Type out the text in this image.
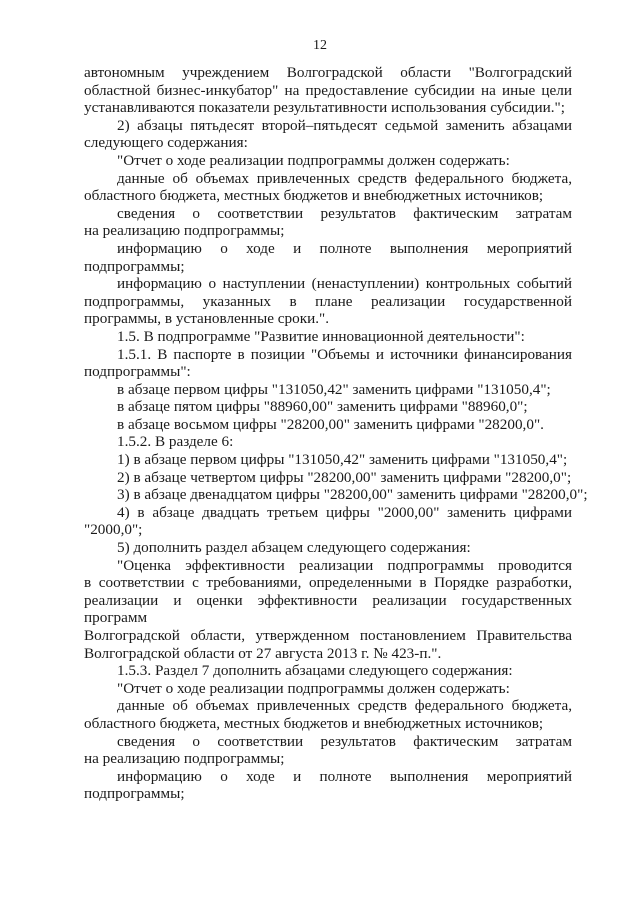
12
автономным учреждением Волгоградской области "Волгоградский
областной бизнес-инкубатор" на предоставление субсидии на иные цели
устанавливаются показатели результативности использования субсидии.";
2) абзацы пятьдесят второй–пятьдесят седьмой заменить абзацами
следующего содержания:
"Отчет о ходе реализации подпрограммы должен содержать:
данные об объемах привлеченных средств федерального бюджета,
областного бюджета, местных бюджетов и внебюджетных источников;
сведения о соответствии результатов фактическим затратам
на реализацию подпрограммы;
информацию о ходе и полноте выполнения мероприятий
подпрограммы;
информацию о наступлении (ненаступлении) контрольных событий
подпрограммы, указанных в плане реализации государственной
программы, в установленные сроки.".
1.5. В подпрограмме "Развитие инновационной деятельности":
1.5.1. В паспорте в позиции "Объемы и источники финансирования
подпрограммы":
в абзаце первом цифры "131050,42" заменить цифрами "131050,4";
в абзаце пятом цифры "88960,00" заменить цифрами "88960,0";
в абзаце восьмом цифры "28200,00" заменить цифрами "28200,0".
1.5.2. В разделе 6:
1) в абзаце первом цифры "131050,42" заменить цифрами "131050,4";
2) в абзаце четвертом цифры "28200,00" заменить цифрами "28200,0";
3) в абзаце двенадцатом цифры "28200,00" заменить цифрами "28200,0";
4) в абзаце двадцать третьем цифры "2000,00" заменить цифрами
"2000,0";
5) дополнить раздел абзацем следующего содержания:
"Оценка эффективности реализации подпрограммы проводится
в соответствии с требованиями, определенными в Порядке разработки,
реализации и оценки эффективности реализации государственных программ
Волгоградской области, утвержденном постановлением Правительства
Волгоградской области от 27 августа 2013 г. № 423-п.".
1.5.3. Раздел 7 дополнить абзацами следующего содержания:
"Отчет о ходе реализации подпрограммы должен содержать:
данные об объемах привлеченных средств федерального бюджета,
областного бюджета, местных бюджетов и внебюджетных источников;
сведения о соответствии результатов фактическим затратам
на реализацию подпрограммы;
информацию о ходе и полноте выполнения мероприятий
подпрограммы;
